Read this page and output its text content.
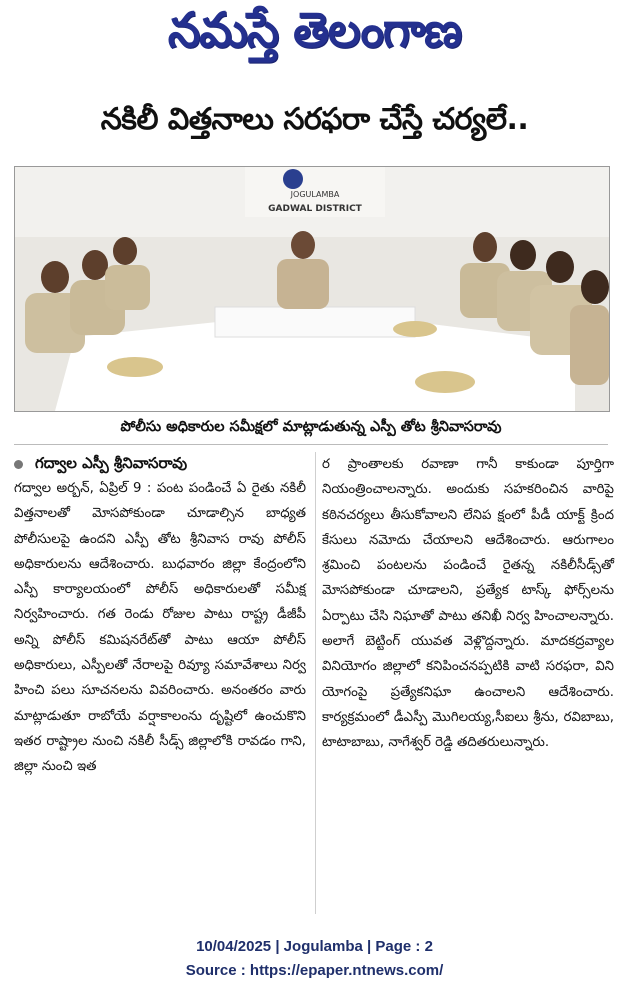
నమస్తే తెలంగాణ
నకిలీ విత్తనాలు సరఫరా చేస్తే చర్యలే..
JOGULAMBA
GADWAL DISTRICT
పోలీసు అధికారుల సమీక్షలో మాట్లాడుతున్న ఎస్పీ తోట శ్రీనివాసరావు
గద్వాల ఎస్పీ శ్రీనివాసరావు

గద్వాల అర్బన్, ఏప్రిల్ 9 : పంట పండించే ఏ రైతు నకిలీ విత్తనాలతో మోసపోకుండా చూడాల్సిన బాధ్యత పోలీసులపై ఉందని ఎస్పీ తోట శ్రీనివాస రావు పోలీస్ అధికారులను ఆదేశించారు. బుధవారం జిల్లా కేంద్రంలోని ఎస్పీ కార్యాలయంలో పోలీస్ అధికారులతో సమీక్ష నిర్వహించారు. గత రెండు రోజుల పాటు రాష్ట్ర డీజీపీ అన్ని పోలీస్ కమిషనరేట్‌తో పాటు ఆయా పోలీస్ అధికారులు, ఎస్పీలతో నేరాలపై రివ్యూ సమావేశాలు నిర్వ హించి పలు సూచనలను వివరించారు. అనంతరం వారు మాట్లాడుతూ రాబోయే వర్షాకాలంను దృష్టిలో ఉంచుకొని ఇతర రాష్ట్రాల నుంచి నకిలీ సీడ్స్ జిల్లాలోకి రావడం గాని, జిల్లా నుంచి ఇత

ర ప్రాంతాలకు రవాణా గానీ కాకుండా పూర్తిగా నియంత్రించాలన్నారు. అందుకు సహకరించిన వారిపై కఠినచర్యలు తీసుకోవాలని లేనిప క్షంలో పీడీ యాక్ట్ క్రింద కేసులు నమోదు చేయాలని ఆదేశించారు. ఆరుగాలం శ్రమించి పంటలను పండించే రైతన్న నకిలీసీడ్స్‌తో మోసపోకుండా చూడాలని, ప్రత్యేక టాస్క్ ఫోర్స్‌లను ఏర్పాటు చేసి నిఘాతో పాటు తనిఖీ నిర్వ హించాలన్నారు. అలాగే బెట్టింగ్ యువత వెళ్లొద్దన్నారు. మాదకద్రవ్యాల వినియోగం జిల్లాలో కనిపించనప్పటికి వాటి సరఫరా, విని యోగంపై ప్రత్యేకనిఘా ఉంచాలని ఆదేశించారు. కార్యక్రమంలో డీఎస్పీ మొగిలయ్య,సీఐలు శ్రీను, రవిబాబు, టాటాబాబు, నాగేశ్వర్ రెడ్డి తదితరులున్నారు.

10/04/2025 | Jogulamba | Page : 2
Source : https://epaper.ntnews.com/
